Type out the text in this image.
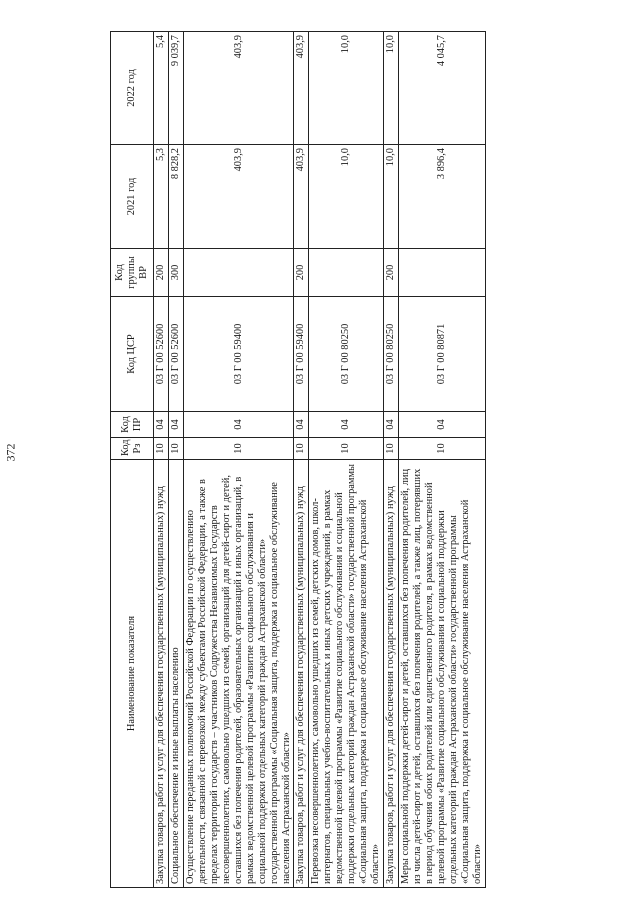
372
Наименование показателя	Код Рз	Код ПР	Код ЦСР	Код группы ВР	2021 год	2022 год
Закупка товаров, работ и услуг для обеспечения государственных (муниципальных) нужд	10	04	03 Г 00 52600	200	5,3	5,4
Социальное обеспечение и иные выплаты населению	10	04	03 Г 00 52600	300	8 828,2	9 039,7
Осуществление переданных полномочий Российской Федерации по осуществлению деятельности, связанной с перевозкой между субъектами Российской Федерации, а также в пределах территорий государств – участников Содружества Независимых Государств несовершеннолетних, самовольно ушедших из семей, организаций для детей-сирот и детей, оставшихся без попечения родителей, образовательных организаций и иных организаций, в рамках ведомственной целевой программы «Развитие социального обслуживания и социальной поддержки отдельных категорий граждан Астраханской области» государственной программы «Социальная защита, поддержка и социальное обслуживание населения Астраханской области»	10	04	03 Г 00 59400		403,9	403,9
Закупка товаров, работ и услуг для обеспечения государственных (муниципальных) нужд	10	04	03 Г 00 59400	200	403,9	403,9
Перевозка несовершеннолетних, самовольно ушедших из семей, детских домов, школ-интернатов, специальных учебно-воспитательных и иных детских учреждений, в рамках ведомственной целевой программы «Развитие социального обслуживания и социальной поддержки отдельных категорий граждан Астраханской области» государственной программы «Социальная защита, поддержка и социальное обслуживание населения Астраханской области»	10	04	03 Г 00 80250		10,0	10,0
Закупка товаров, работ и услуг для обеспечения государственных (муниципальных) нужд	10	04	03 Г 00 80250	200	10,0	10,0
Меры социальной поддержки детей-сирот и детей, оставшихся без попечения родителей, лиц из числа детей-сирот и детей, оставшихся без попечения родителей, а также лиц, потерявших в период обучения обоих родителей или единственного родителя, в рамках ведомственной целевой программы «Развитие социального обслуживания и социальной поддержки отдельных категорий граждан Астраханской области» государственной программы «Социальная защита, поддержка и социальное обслуживание населения Астраханской области»	10	04	03 Г 00 80871		3 896,4	4 045,7
